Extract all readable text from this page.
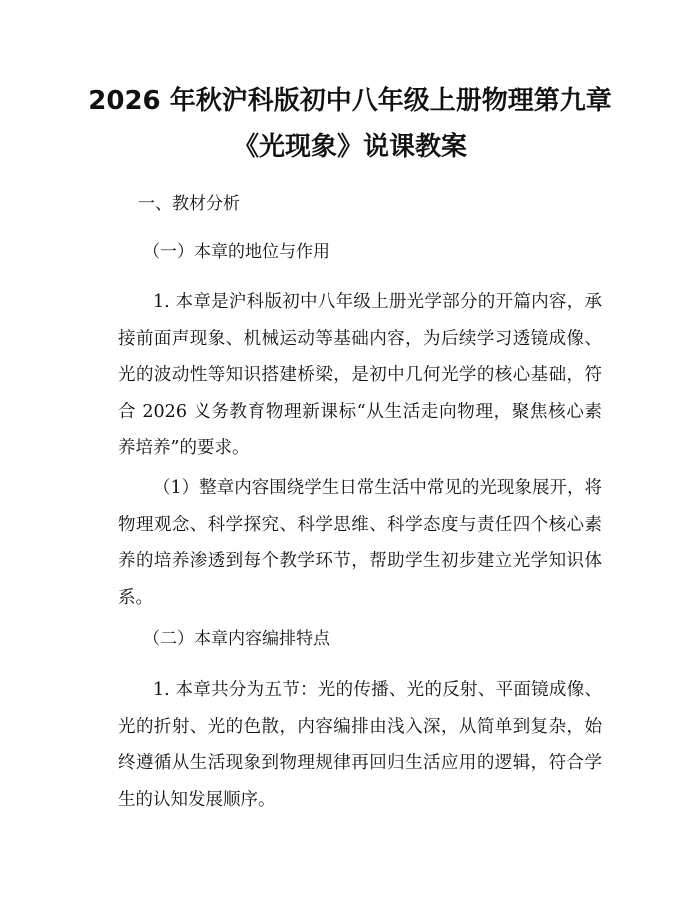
2026 年秋沪科版初中八年级上册物理第九章
《光现象》说课教案
一、教材分析
（一）本章的地位与作用

1. 本章是沪科版初中八年级上册光学部分的开篇内容，承接前面声现象、机械运动等基础内容，为后续学习透镜成像、光的波动性等知识搭建桥梁，是初中几何光学的核心基础，符合 2026 义务教育物理新课标“从生活走向物理，聚焦核心素养培养”的要求。

（1）整章内容围绕学生日常生活中常见的光现象展开，将物理观念、科学探究、科学思维、科学态度与责任四个核心素养的培养渗透到每个教学环节，帮助学生初步建立光学知识体系。

（二）本章内容编排特点

1. 本章共分为五节：光的传播、光的反射、平面镜成像、光的折射、光的色散，内容编排由浅入深，从简单到复杂，始终遵循从生活现象到物理规律再回归生活应用的逻辑，符合学生的认知发展顺序。
